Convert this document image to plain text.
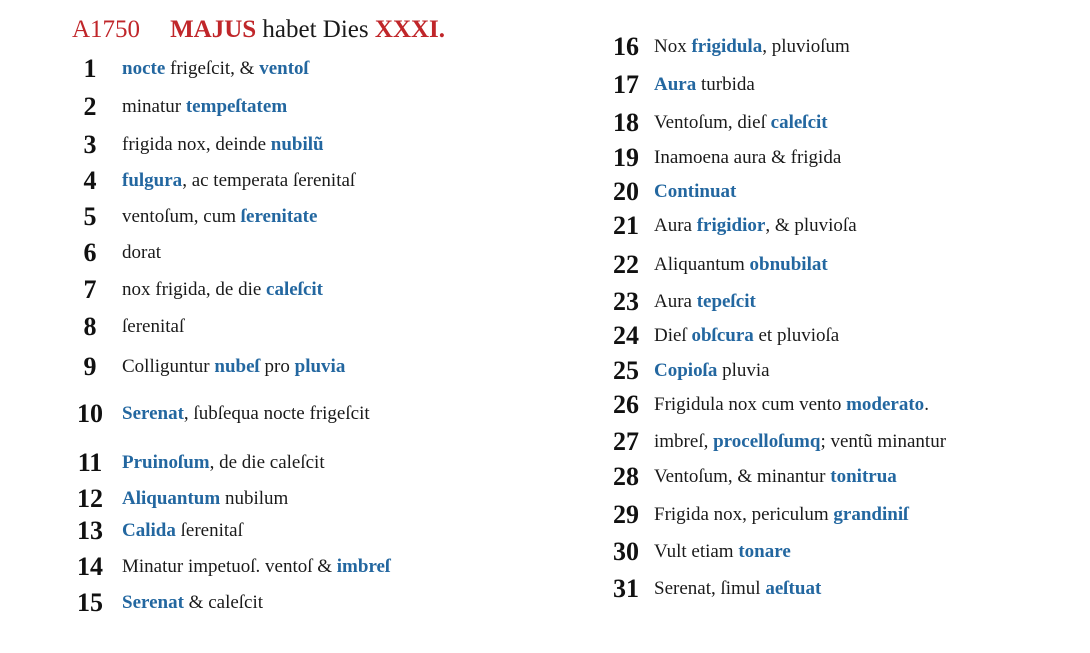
A1750 MAJUS habet Dies XXXI.
1	nocte frigeſcit, & ventoſ
2	minatur tempeſtatem
3	frigida nox, deinde nubilũ
4	fulgura, ac temperata ſerenitaſ
5	ventoſum, cum ſerenitate
6	dorat
7	nox frigida, de die caleſcit
8	ſerenitaſ
9	Colliguntur nubeſ pro pluvia
10	Serenat, ſubſequa nocte frigeſcit
11	Pruinoſum, de die caleſcit
12	Aliquantum nubilum
13	Calida ſerenitaſ
14	Minatur impetuoſ. ventoſ & imbreſ
15	Serenat & caleſcit
16 Nox frigidula, pluvioſum
17 Aura turbida
18 Ventoſum, dieſ caleſcit
19 Inamoena aura & frigida
20 Continuat
21 Aura frigidior, & pluvioſa
22 Aliquantum obnubilat
23 Aura tepeſcit
24 Dieſ obſcura et pluvioſa
25 Copioſa pluvia
26 Frigidula nox cum vento moderato.
27 imbreſ, procelloſumq; ventũ minantur
28 Ventoſum, & minantur tonitrua
29 Frigida nox, periculum grandiniſ
30 Vult etiam tonare
31 Serenat, ſimul aeſtuat
